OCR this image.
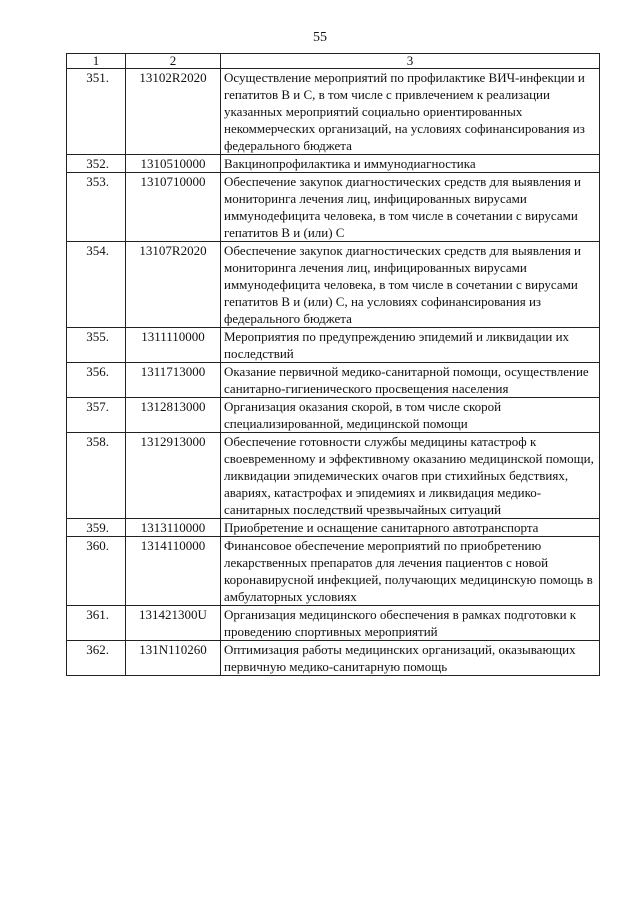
55
1	2	3
351.	13102R2020	Осуществление мероприятий по профилактике ВИЧ-инфекции и гепатитов В и С, в том числе с привлечением к реализации указанных мероприятий социально ориентированных некоммерческих организаций, на условиях софинансирования из федерального бюджета
352.	1310510000	Вакцинопрофилактика и иммунодиагностика
353.	1310710000	Обеспечение закупок диагностических средств для выявления и мониторинга лечения лиц, инфицированных вирусами иммунодефицита человека, в том числе в сочетании с вирусами гепатитов В и (или) С
354.	13107R2020	Обеспечение закупок диагностических средств для выявления и мониторинга лечения лиц, инфицированных вирусами иммунодефицита человека, в том числе в сочетании с вирусами гепатитов В и (или) С, на условиях софинансирования из федерального бюджета
355.	1311110000	Мероприятия по предупреждению эпидемий и ликвидации их последствий
356.	1311713000	Оказание первичной медико-санитарной помощи, осуществление санитарно-гигиенического просвещения населения
357.	1312813000	Организация оказания скорой, в том числе скорой специализированной, медицинской помощи
358.	1312913000	Обеспечение готовности службы медицины катастроф к своевременному и эффективному оказанию медицинской помощи, ликвидации эпидемических очагов при стихийных бедствиях, авариях, катастрофах и эпидемиях и ликвидация медико-санитарных последствий чрезвычайных ситуаций
359.	1313110000	Приобретение и оснащение санитарного автотранспорта
360.	1314110000	Финансовое обеспечение мероприятий по приобретению лекарственных препаратов для лечения пациентов с новой коронавирусной инфекцией, получающих медицинскую помощь в амбулаторных условиях
361.	131421300U	Организация медицинского обеспечения в рамках подготовки к проведению спортивных мероприятий
362.	131N110260	Оптимизация работы медицинских организаций, оказывающих первичную медико-санитарную помощь
